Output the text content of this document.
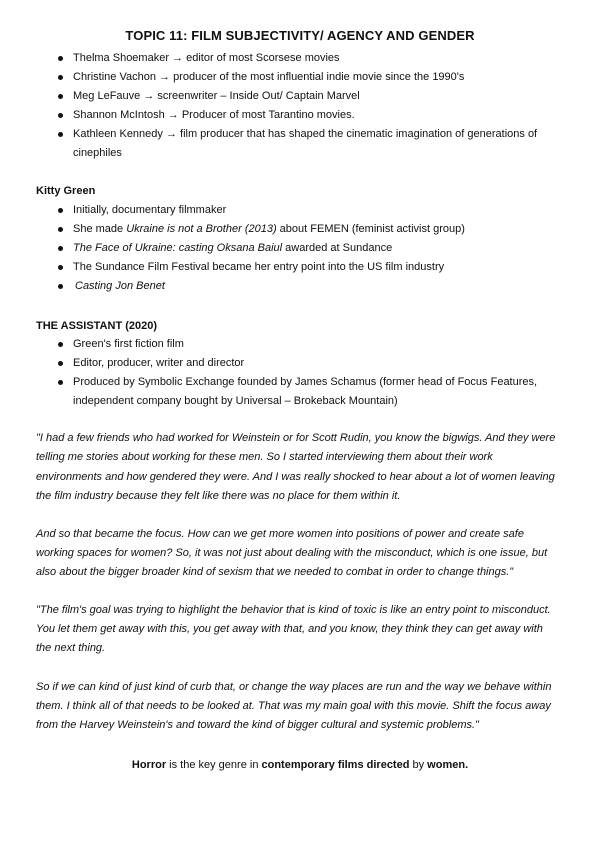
TOPIC 11: FILM SUBJECTIVITY/ AGENCY AND GENDER
Thelma Shoemaker → editor of most Scorsese movies
Christine Vachon → producer of the most influential indie movie since the 1990's
Meg LeFauve → screenwriter – Inside Out/ Captain Marvel
Shannon McIntosh → Producer of most Tarantino movies.
Kathleen Kennedy → film producer that has shaped the cinematic imagination of generations of
cinephiles
Kitty Green
Initially, documentary filmmaker
She made Ukraine is not a Brother (2013) about FEMEN (feminist activist group)
The Face of Ukraine: casting Oksana Baiul awarded at Sundance
The Sundance Film Festival became her entry point into the US film industry
Casting Jon Benet
THE ASSISTANT (2020)
Green's first fiction film
Editor, producer, writer and director
Produced by Symbolic Exchange founded by James Schamus (former head of Focus Features,
independent company bought by Universal – Brokeback Mountain)
"I had a few friends who had worked for Weinstein or for Scott Rudin, you know the bigwigs. And they were
telling me stories about working for these men. So I started interviewing them about their work
environments and how gendered they were. And I was really shocked to hear about a lot of women leaving
the film industry because they felt like there was no place for them within it.
And so that became the focus. How can we get more women into positions of power and create safe
working spaces for women? So, it was not just about dealing with the misconduct, which is one issue, but
also about the bigger broader kind of sexism that we needed to combat in order to change things."
"The film's goal was trying to highlight the behavior that is kind of toxic is like an entry point to misconduct.
You let them get away with this, you get away with that, and you know, they think they can get away with
the next thing.
So if we can kind of just kind of curb that, or change the way places are run and the way we behave within
them. I think all of that needs to be looked at. That was my main goal with this movie. Shift the focus away
from the Harvey Weinstein's and toward the kind of bigger cultural and systemic problems."
Horror is the key genre in contemporary films directed by women.
